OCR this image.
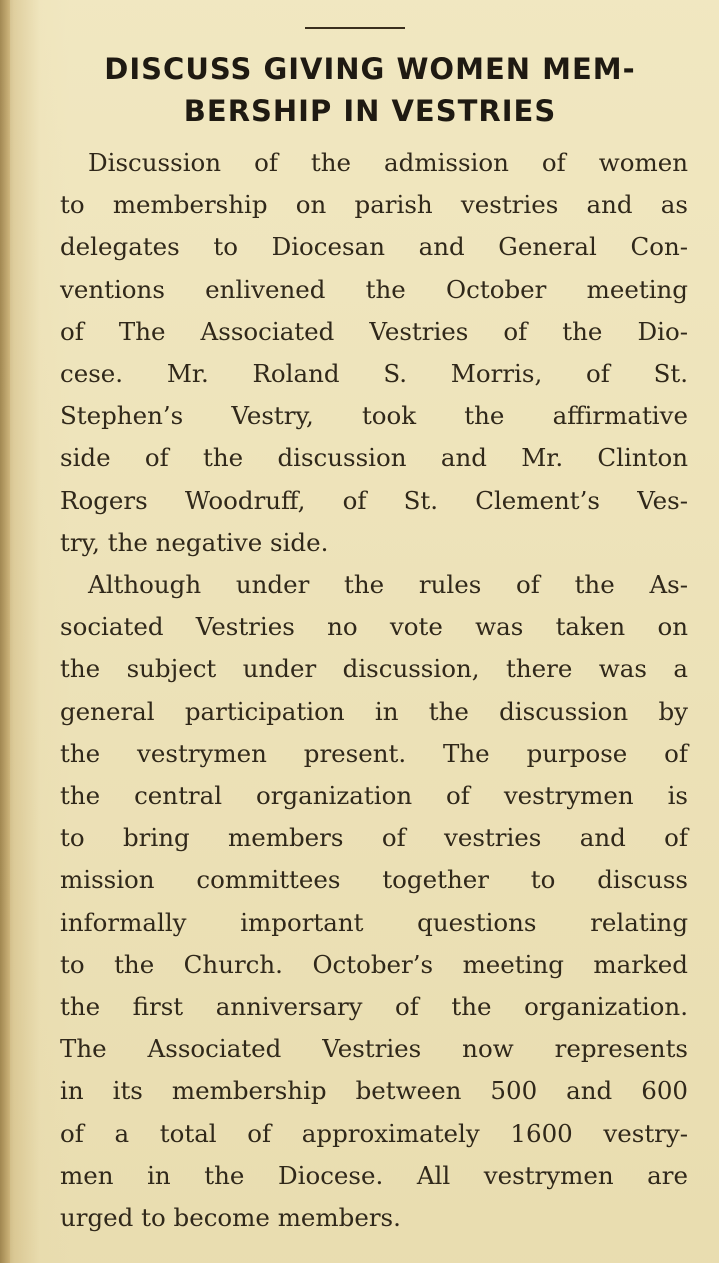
DISCUSS GIVING WOMEN MEM-
BERSHIP IN VESTRIES
Discussion of the admission of women
to membership on parish vestries and as
delegates to Diocesan and General Con-
ventions enlivened the October meeting
of The Associated Vestries of the Dio-
cese. Mr. Roland S. Morris, of St.
Stephen’s Vestry, took the affirmative
side of the discussion and Mr. Clinton
Rogers Woodruff, of St. Clement’s Ves-
try, the negative side.
Although under the rules of the As-
sociated Vestries no vote was taken on
the subject under discussion, there was a
general participation in the discussion by
the vestrymen present. The purpose of
the central organization of vestrymen is
to bring members of vestries and of
mission committees together to discuss
informally important questions relating
to the Church. October’s meeting marked
the first anniversary of the organization.
The Associated Vestries now represents
in its membership between 500 and 600
of a total of approximately 1600 vestry-
men in the Diocese. All vestrymen are
urged to become members.
